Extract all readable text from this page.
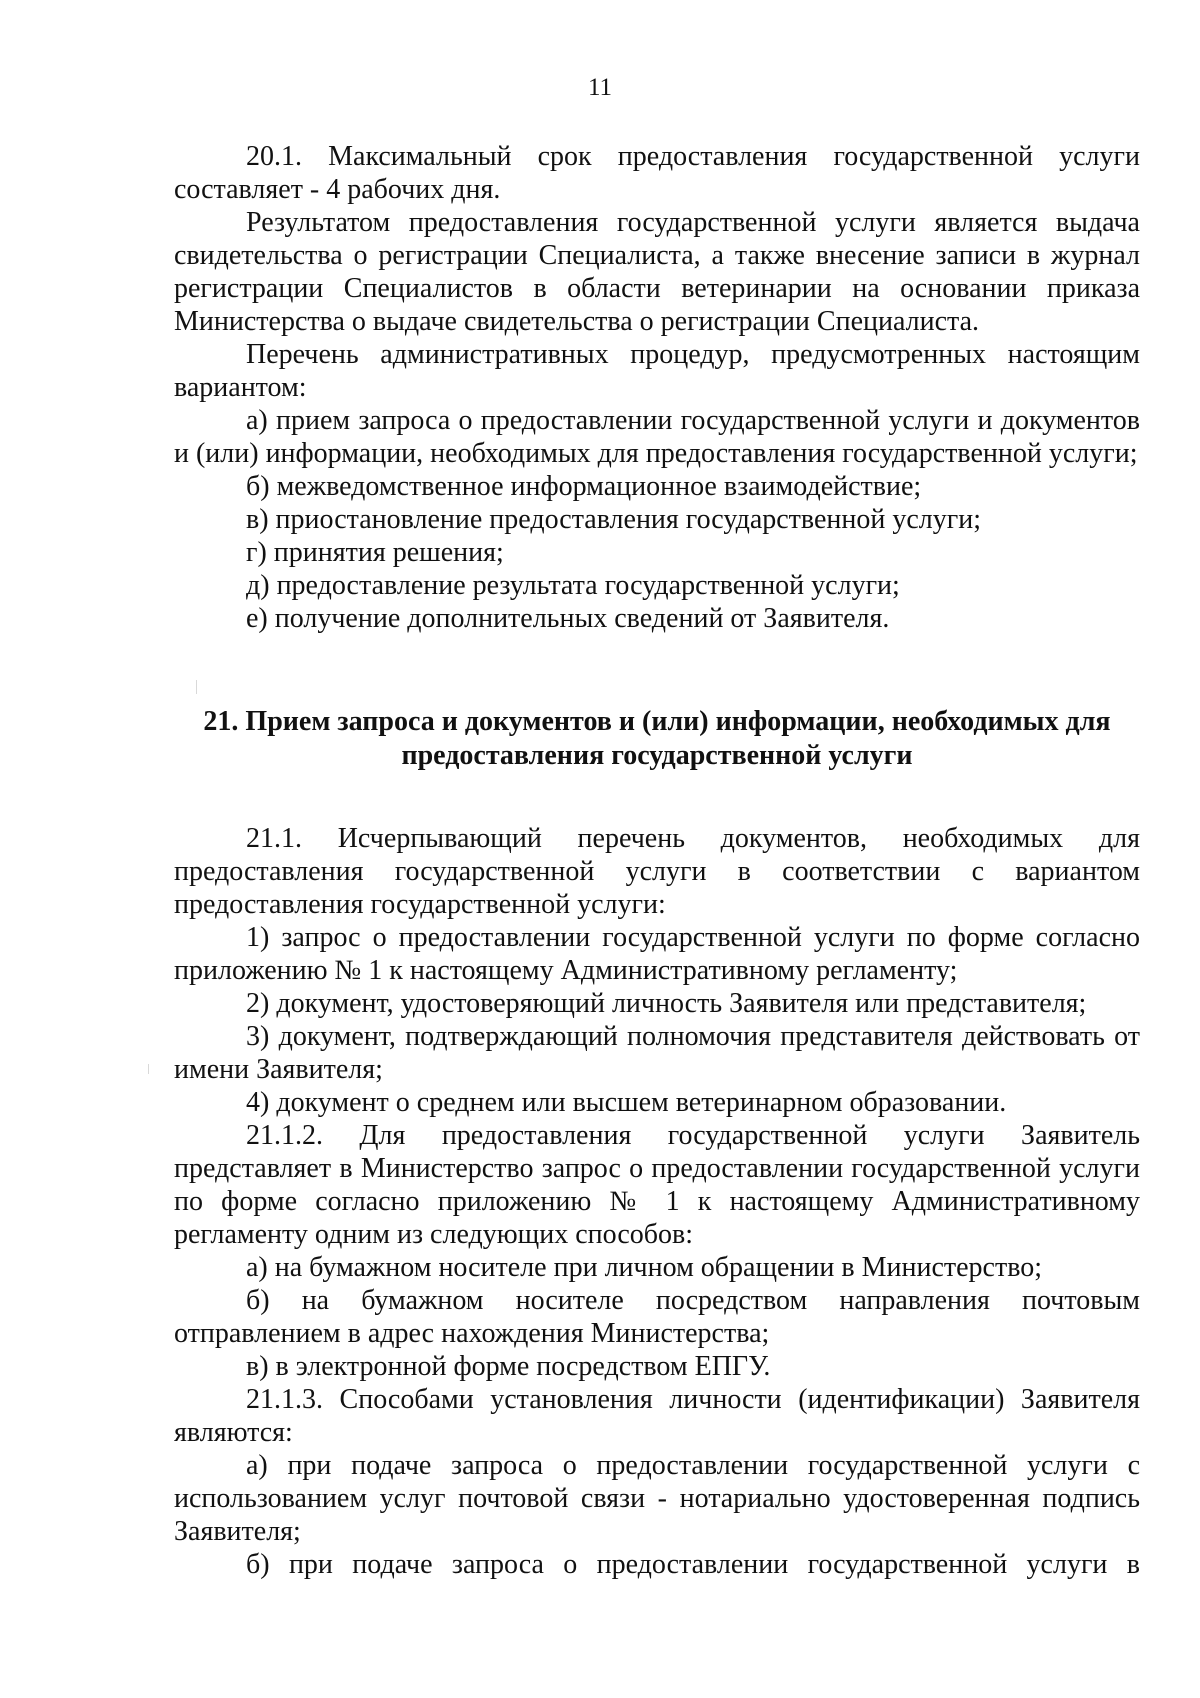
11

20.1. Максимальный срок предоставления государственной услуги составляет - 4 рабочих дня.

Результатом предоставления государственной услуги является выдача свидетельства о регистрации Специалиста, а также внесение записи в журнал регистрации Специалистов в области ветеринарии на основании приказа Министерства о выдаче свидетельства о регистрации Специалиста.

Перечень административных процедур, предусмотренных настоящим вариантом:

а) прием запроса о предоставлении государственной услуги и документов и (или) информации, необходимых для предоставления государственной услуги;

б) межведомственное информационное взаимодействие;

в) приостановление предоставления государственной услуги;

г) принятия решения;

д) предоставление результата государственной услуги;

е) получение дополнительных сведений от Заявителя.

21. Прием запроса и документов и (или) информации, необходимых для предоставления государственной услуги

21.1. Исчерпывающий перечень документов, необходимых для предоставления государственной услуги в соответствии с вариантом предоставления государственной услуги:

1) запрос о предоставлении государственной услуги по форме согласно приложению № 1 к настоящему Административному регламенту;

2) документ, удостоверяющий личность Заявителя или представителя;

3) документ, подтверждающий полномочия представителя действовать от имени Заявителя;

4) документ о среднем или высшем ветеринарном образовании.

21.1.2. Для предоставления государственной услуги Заявитель представляет в Министерство запрос о предоставлении государственной услуги по форме согласно приложению № 1 к настоящему Административному регламенту одним из следующих способов:

а) на бумажном носителе при личном обращении в Министерство;

б) на бумажном носителе посредством направления почтовым отправлением в адрес нахождения Министерства;

в) в электронной форме посредством ЕПГУ.

21.1.3. Способами установления личности (идентификации) Заявителя являются:

а) при подаче запроса о предоставлении государственной услуги с использованием услуг почтовой связи - нотариально удостоверенная подпись Заявителя;

б) при подаче запроса о предоставлении государственной услуги в
